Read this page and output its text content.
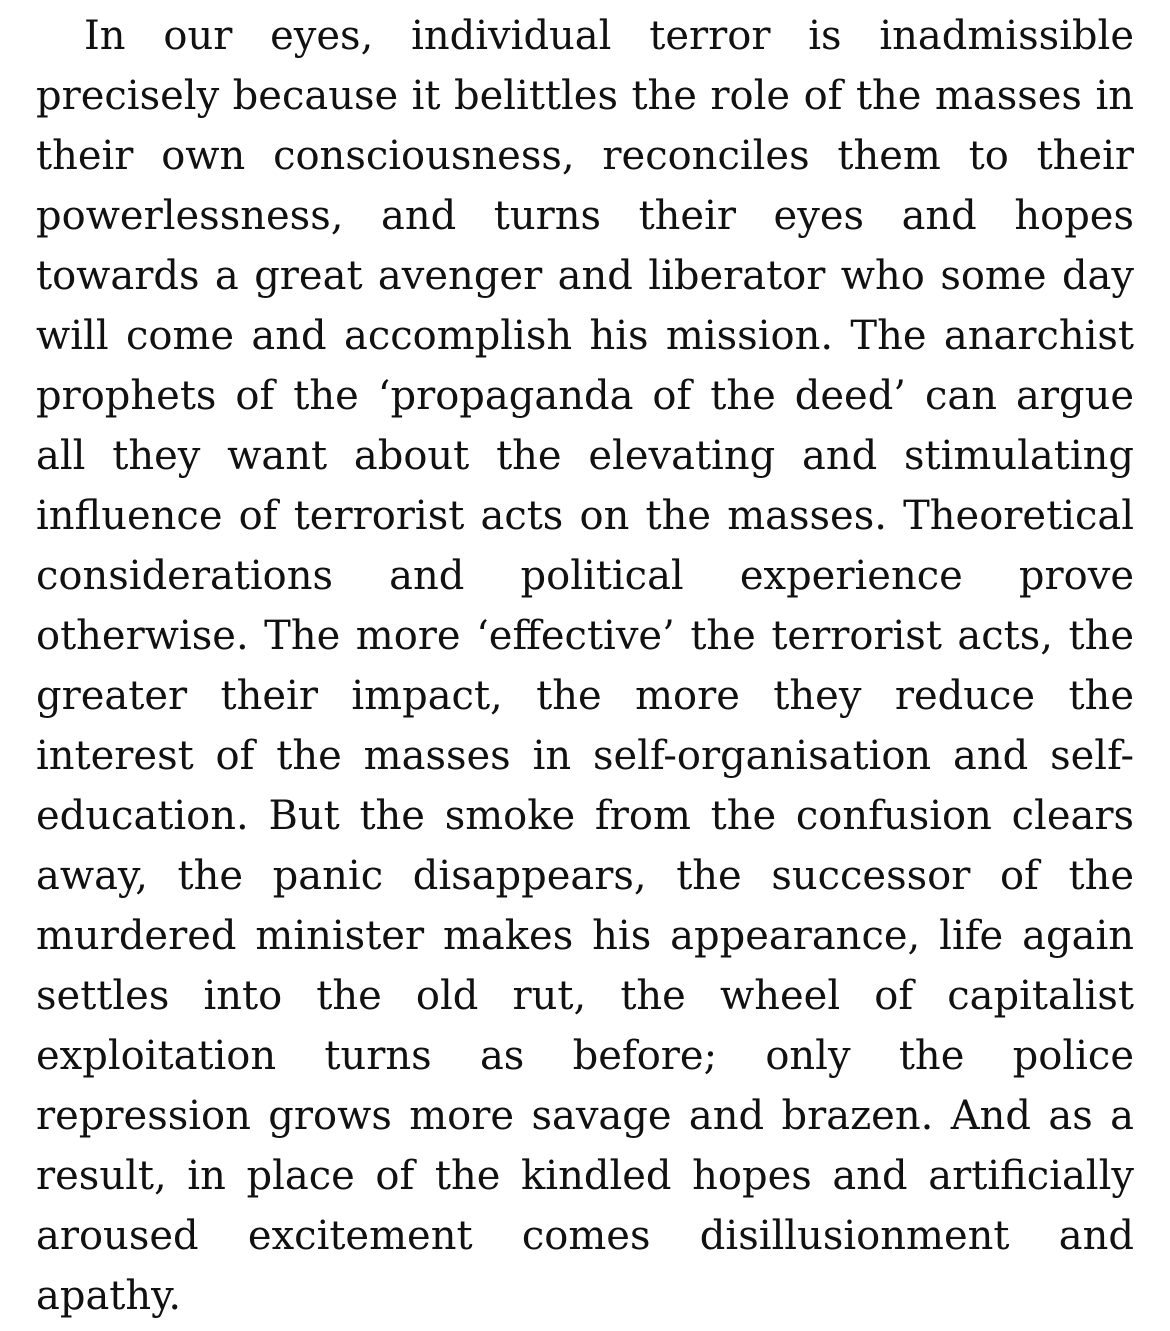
In our eyes, individual terror is inadmissible precisely because it belittles the role of the masses in their own consciousness, reconciles them to their powerlessness, and turns their eyes and hopes towards a great avenger and liberator who some day will come and accomplish his mission. The anarchist prophets of the ‘propaganda of the deed’ can argue all they want about the elevating and stimulating influence of terrorist acts on the masses. Theoretical considerations and political experience prove otherwise. The more ‘effective’ the terrorist acts, the greater their impact, the more they reduce the interest of the masses in self-organisation and self-education. But the smoke from the confusion clears away, the panic disappears, the successor of the murdered minister makes his appearance, life again settles into the old rut, the wheel of capitalist exploitation turns as before; only the police repression grows more savage and brazen. And as a result, in place of the kindled hopes and artificially aroused excitement comes disillusionment and apathy.
